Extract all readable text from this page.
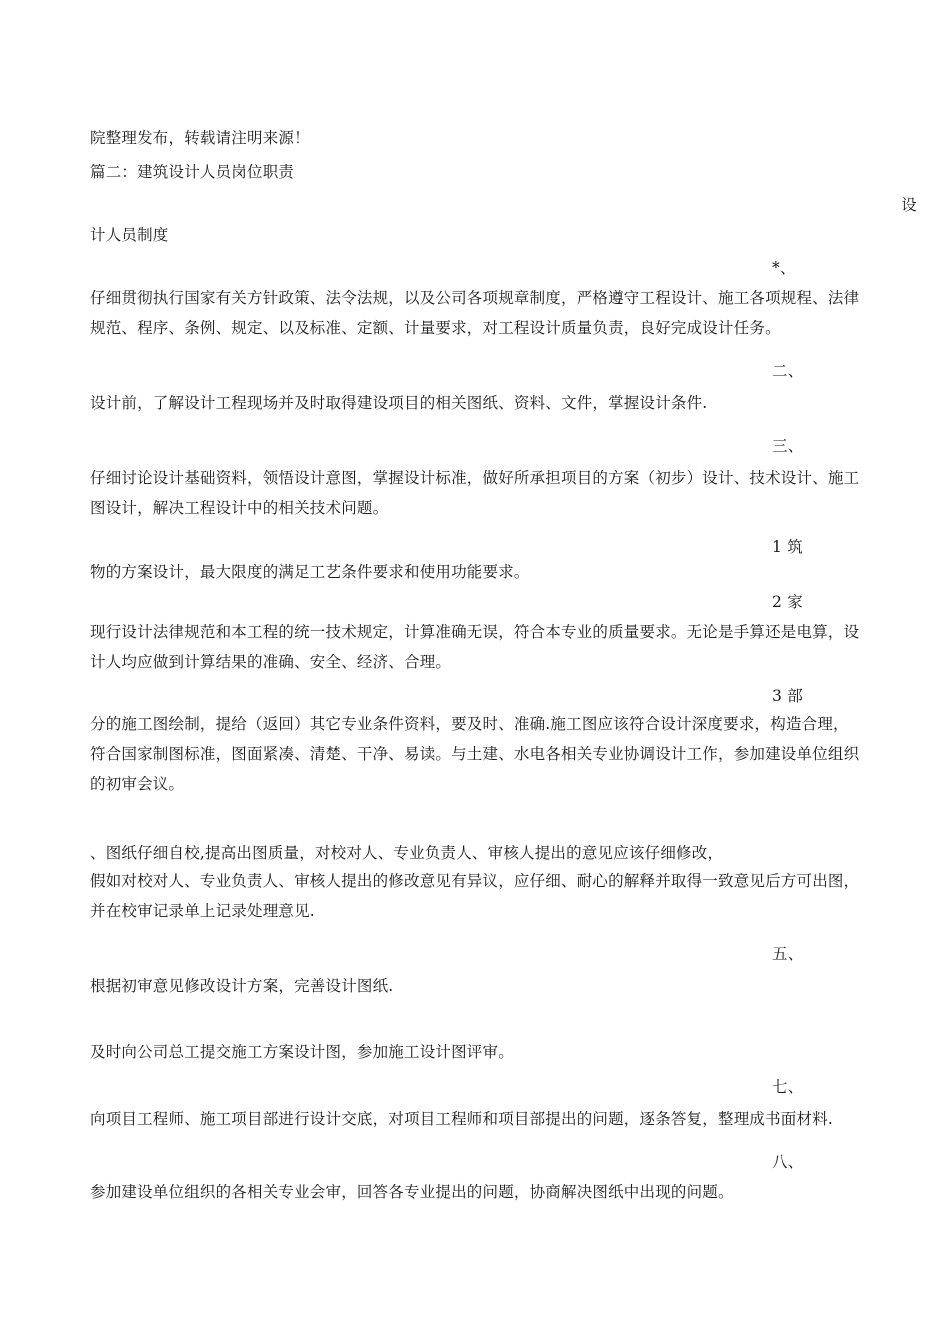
院整理发布，转载请注明来源！
篇二：建筑设计人员岗位职责
设
计人员制度
*、
仔细贯彻执行国家有关方针政策、法令法规，以及公司各项规章制度，严格遵守工程设计、施工各项规程、法律
规范、程序、条例、规定、以及标准、定额、计量要求，对工程设计质量负责，良好完成设计任务。
二、
设计前，了解设计工程现场并及时取得建设项目的相关图纸、资料、文件，掌握设计条件.
三、
仔细讨论设计基础资料，领悟设计意图，掌握设计标准，做好所承担项目的方案（初步）设计、技术设计、施工
图设计，解决工程设计中的相关技术问题。
1 筑
物的方案设计，最大限度的满足工艺条件要求和使用功能要求。
2 家
现行设计法律规范和本工程的统一技术规定，计算准确无误，符合本专业的质量要求。无论是手算还是电算，设
计人均应做到计算结果的准确、安全、经济、合理。
3 部
分的施工图绘制，提给（返回）其它专业条件资料，要及时、准确.施工图应该符合设计深度要求，构造合理，
符合国家制图标准，图面紧凑、清楚、干净、易读。与土建、水电各相关专业协调设计工作，参加建设单位组织
的初审会议。
、图纸仔细自校,提高出图质量，对校对人、专业负责人、审核人提出的意见应该仔细修改，
假如对校对人、专业负责人、审核人提出的修改意见有异议，应仔细、耐心的解释并取得一致意见后方可出图，
并在校审记录单上记录处理意见.
五、
根据初审意见修改设计方案，完善设计图纸.
及时向公司总工提交施工方案设计图，参加施工设计图评审。
七、
向项目工程师、施工项目部进行设计交底，对项目工程师和项目部提出的问题，逐条答复，整理成书面材料.
八、
参加建设单位组织的各相关专业会审，回答各专业提出的问题，协商解决图纸中出现的问题。
